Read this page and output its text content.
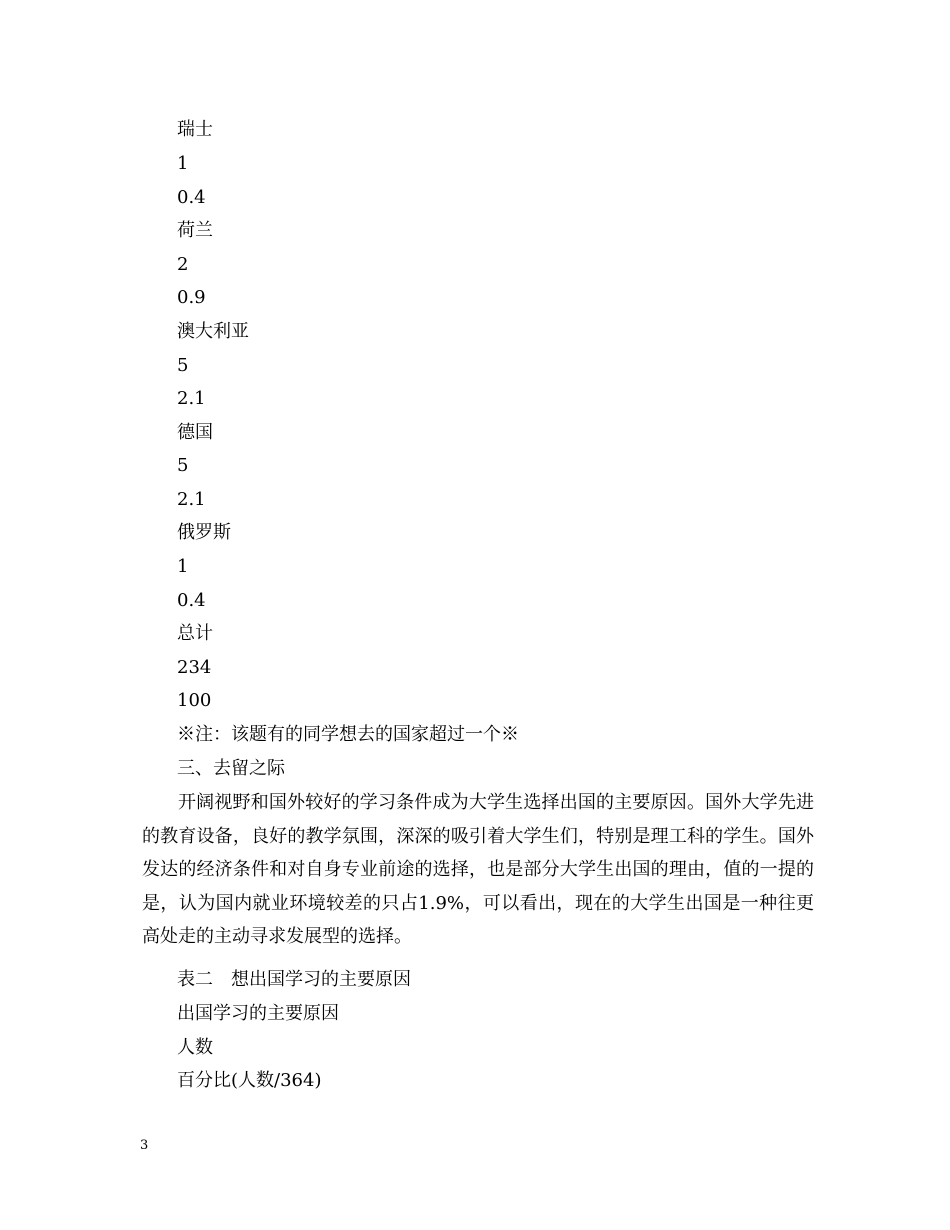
瑞士
1
0.4
荷兰
2
0.9
澳大利亚
5
2.1
德国
5
2.1
俄罗斯
1
0.4
总计
234
100
※注：该题有的同学想去的国家超过一个※
三、去留之际
开阔视野和国外较好的学习条件成为大学生选择出国的主要原因。国外大学先进的教育设备，良好的教学氛围，深深的吸引着大学生们，特别是理工科的学生。国外发达的经济条件和对自身专业前途的选择，也是部分大学生出国的理由，值的一提的是，认为国内就业环境较差的只占1.9%，可以看出，现在的大学生出国是一种往更高处走的主动寻求发展型的选择。
表二　想出国学习的主要原因
出国学习的主要原因
人数
百分比(人数/364)
3
